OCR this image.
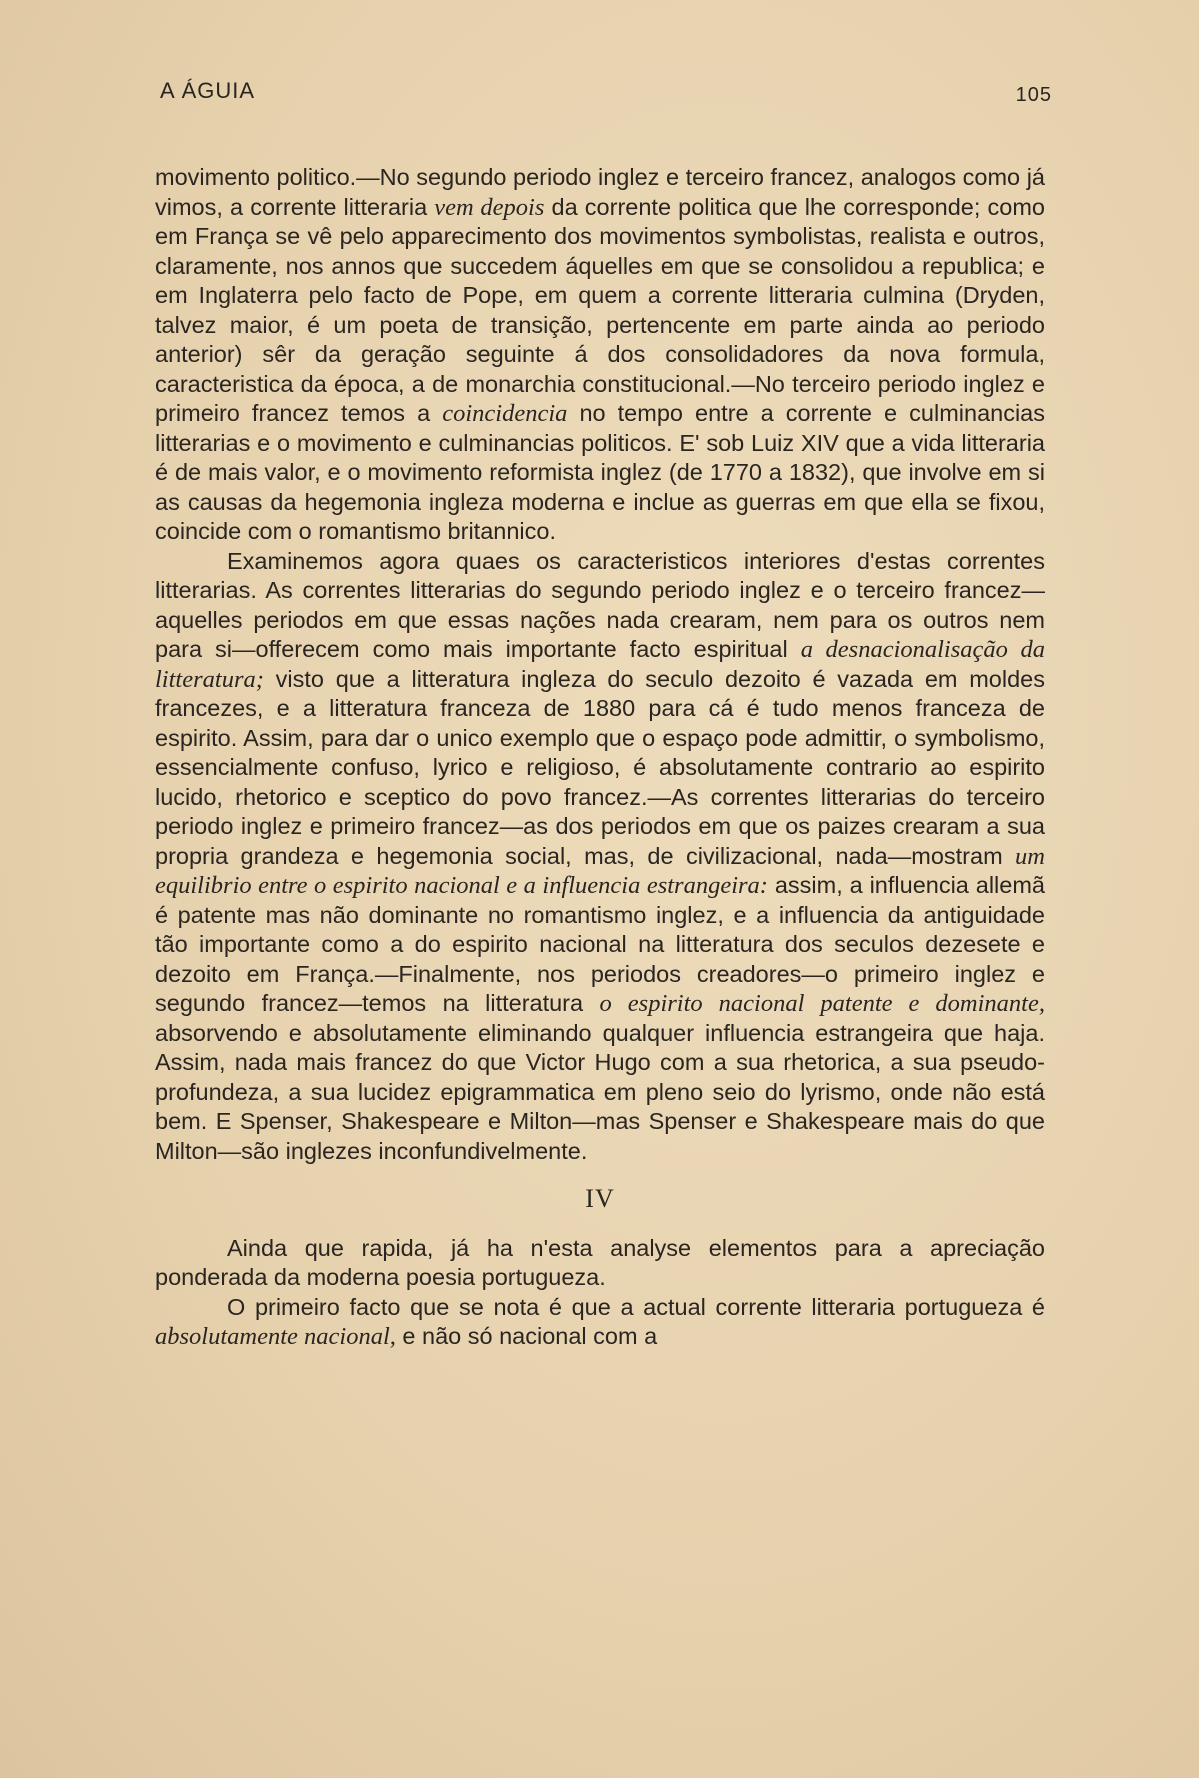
A ÁGUIA	105

movimento politico.—No segundo periodo inglez e terceiro francez, analogos como já vimos, a corrente litteraria vem depois da corrente politica que lhe corresponde; como em França se vê pelo apparecimento dos movimentos symbolistas, realista e outros, claramente, nos annos que succedem áquelles em que se consolidou a republica; e em Inglaterra pelo facto de Pope, em quem a corrente litteraria culmina (Dryden, talvez maior, é um poeta de transição, pertencente em parte ainda ao periodo anterior) sêr da geração seguinte á dos consolidadores da nova formula, caracteristica da época, a de monarchia constitucional.—No terceiro periodo inglez e primeiro francez temos a coincidencia no tempo entre a corrente e culminancias litterarias e o movimento e culminancias politicos. E' sob Luiz XIV que a vida litteraria é de mais valor, e o movimento reformista inglez (de 1770 a 1832), que involve em si as causas da hegemonia ingleza moderna e inclue as guerras em que ella se fixou, coincide com o romantismo britannico.

Examinemos agora quaes os caracteristicos interiores d'estas correntes litterarias. As correntes litterarias do segundo periodo inglez e o terceiro francez—aquelles periodos em que essas nações nada crearam, nem para os outros nem para si—offerecem como mais importante facto espiritual a desnacionalisação da litteratura; visto que a litteratura ingleza do seculo dezoito é vazada em moldes francezes, e a litteratura franceza de 1880 para cá é tudo menos franceza de espirito. Assim, para dar o unico exemplo que o espaço pode admittir, o symbolismo, essencialmente confuso, lyrico e religioso, é absolutamente contrario ao espirito lucido, rhetorico e sceptico do povo francez.—As correntes litterarias do terceiro periodo inglez e primeiro francez—as dos periodos em que os paizes crearam a sua propria grandeza e hegemonia social, mas, de civilizacional, nada—mostram um equilibrio entre o espirito nacional e a influencia estrangeira: assim, a influencia allemã é patente mas não dominante no romantismo inglez, e a influencia da antiguidade tão importante como a do espirito nacional na litteratura dos seculos dezesete e dezoito em França.—Finalmente, nos periodos creadores—o primeiro inglez e segundo francez—temos na litteratura o espirito nacional patente e dominante, absorvendo e absolutamente eliminando qualquer influencia estrangeira que haja. Assim, nada mais francez do que Victor Hugo com a sua rhetorica, a sua pseudo-profundeza, a sua lucidez epigrammatica em pleno seio do lyrismo, onde não está bem. E Spenser, Shakespeare e Milton—mas Spenser e Shakespeare mais do que Milton—são inglezes inconfundivelmente.

IV

Ainda que rapida, já ha n'esta analyse elementos para a apreciação ponderada da moderna poesia portugueza.

O primeiro facto que se nota é que a actual corrente litteraria portugueza é absolutamente nacional, e não só nacional com a
